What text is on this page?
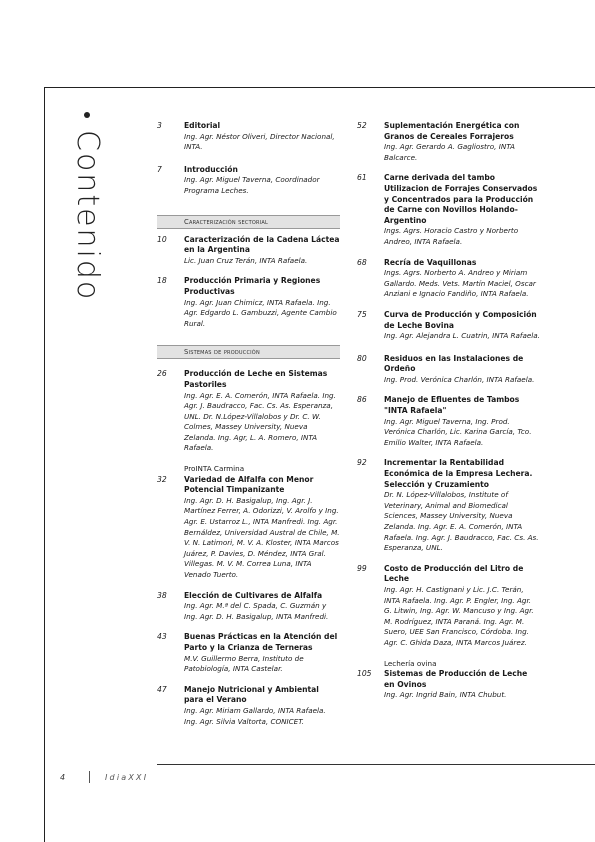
Contenido
3	Editorial
Ing. Agr. Néstor Oliveri, Director Nacional, INTA.
7	Introducción
Ing. Agr. Miguel Taverna, Coordinador Programa Leches.
Caracterización sectorial
10 Caracterización de la Cadena Láctea en la Argentina
Lic. Juan Cruz Terán, INTA Rafaela.
18 Producción Primaria y Regiones Productivas
Ing. Agr. Juan Chimicz, INTA Rafaela. Ing. Agr. Edgardo L. Gambuzzi, Agente Cambio Rural.
Sistemas de producción
26 Producción de Leche en Sistemas Pastoriles
Ing. Agr. E. A. Comerón, INTA Rafaela. Ing. Agr. J. Baudracco, Fac. Cs. As. Esperanza, UNL. Dr. N.López-Villalobos y Dr. C. W. Colmes, Massey University, Nueva Zelanda. Ing. Agr, L. A. Romero, INTA Rafaela.
ProINTA Carmina
32 Variedad de Alfalfa con Menor Potencial Timpanizante
Ing. Agr. D. H. Basigalup, Ing. Agr. J. Martínez Ferrer, A. Odorizzi, V. Arolfo y Ing. Agr. E. Ustarroz L., INTA Manfredi. Ing. Agr. Bernáldez, Universidad Austral de Chile, M. V. N. Latimori, M. V. A. Kloster, INTA Marcos Juárez, P. Davies, D. Méndez, INTA Gral. Villegas. M. V. M. Correa Luna, INTA Venado Tuerto.
38 Elección de Cultivares de Alfalfa
Ing. Agr. M.ª del C. Spada, C. Guzmán y Ing. Agr. D. H. Basigalup, INTA Manfredi.
43 Buenas Prácticas en la Atención del Parto y la Crianza de Terneras
M.V. Guillermo Berra, Instituto de Patobiología, INTA Castelar.
47 Manejo Nutricional y Ambiental para el Verano
Ing. Agr. Miriam Gallardo, INTA Rafaela. Ing. Agr. Silvia Valtorta, CONICET.
52 Suplementación Energética con Granos de Cereales Forrajeros
Ing. Agr. Gerardo A. Gagliostro, INTA Balcarce.
61 Carne derivada del tambo Utilizacion de Forrajes Conservados y Concentrados para la Producción de Carne con Novillos Holando-Argentino
Ings. Agrs. Horacio Castro y Norberto Andreo, INTA Rafaela.
68 Recría de Vaquillonas
Ings. Agrs. Norberto A. Andreo y Miriam Gallardo. Meds. Vets. Martín Maciel, Oscar Anziani e Ignacio Fandiño, INTA Rafaela.
75 Curva de Producción y Composición de Leche Bovina
Ing. Agr. Alejandra L. Cuatrin, INTA Rafaela.
80 Residuos en las Instalaciones de Ordeño
Ing. Prod. Verónica Charlón, INTA Rafaela.
86 Manejo de Efluentes de Tambos "INTA Rafaela"
Ing. Agr. Miguel Taverna, Ing. Prod. Verónica Charlón, Lic. Karina García, Tco. Emilio Walter, INTA Rafaela.
92 Incrementar la Rentabilidad Económica de la Empresa Lechera. Selección y Cruzamiento
Dr. N. López-Villalobos, Institute of Veterinary, Animal and Biomedical Sciences, Massey University, Nueva Zelanda. Ing. Agr. E. A. Comerón, INTA Rafaela. Ing. Agr. J. Baudracco, Fac. Cs. As. Esperanza, UNL.
99 Costo de Producción del Litro de Leche
Ing. Agr. H. Castignani y Lic. J.C. Terán, INTA Rafaela. Ing. Agr. P. Engler, Ing. Agr. G. Litwin, Ing. Agr. W. Mancuso y Ing. Agr. M. Rodríguez, INTA Paraná. Ing. Agr. M. Suero, UEE San Francisco, Córdoba. Ing. Agr. C. Ghida Daza, INTA Marcos Juárez.
Lechería ovina
105 Sistemas de Producción de Leche en Ovinos
Ing. Agr. Ingrid Bain, INTA Chubut.
4	IdiaXXI
